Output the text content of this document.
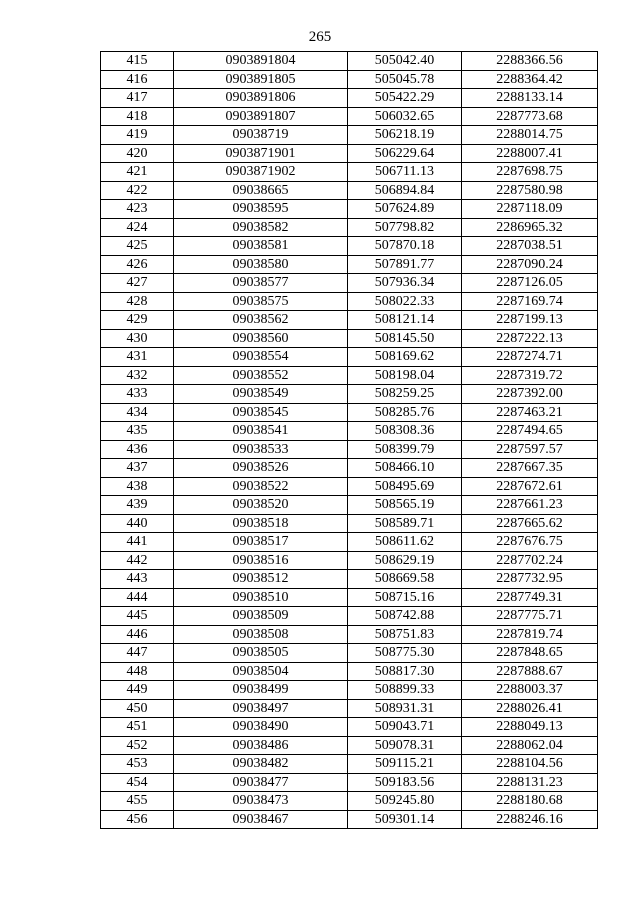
265
415	0903891804	505042.40	2288366.56
416	0903891805	505045.78	2288364.42
417	0903891806	505422.29	2288133.14
418	0903891807	506032.65	2287773.68
419	09038719	506218.19	2288014.75
420	0903871901	506229.64	2288007.41
421	0903871902	506711.13	2287698.75
422	09038665	506894.84	2287580.98
423	09038595	507624.89	2287118.09
424	09038582	507798.82	2286965.32
425	09038581	507870.18	2287038.51
426	09038580	507891.77	2287090.24
427	09038577	507936.34	2287126.05
428	09038575	508022.33	2287169.74
429	09038562	508121.14	2287199.13
430	09038560	508145.50	2287222.13
431	09038554	508169.62	2287274.71
432	09038552	508198.04	2287319.72
433	09038549	508259.25	2287392.00
434	09038545	508285.76	2287463.21
435	09038541	508308.36	2287494.65
436	09038533	508399.79	2287597.57
437	09038526	508466.10	2287667.35
438	09038522	508495.69	2287672.61
439	09038520	508565.19	2287661.23
440	09038518	508589.71	2287665.62
441	09038517	508611.62	2287676.75
442	09038516	508629.19	2287702.24
443	09038512	508669.58	2287732.95
444	09038510	508715.16	2287749.31
445	09038509	508742.88	2287775.71
446	09038508	508751.83	2287819.74
447	09038505	508775.30	2287848.65
448	09038504	508817.30	2287888.67
449	09038499	508899.33	2288003.37
450	09038497	508931.31	2288026.41
451	09038490	509043.71	2288049.13
452	09038486	509078.31	2288062.04
453	09038482	509115.21	2288104.56
454	09038477	509183.56	2288131.23
455	09038473	509245.80	2288180.68
456	09038467	509301.14	2288246.16
